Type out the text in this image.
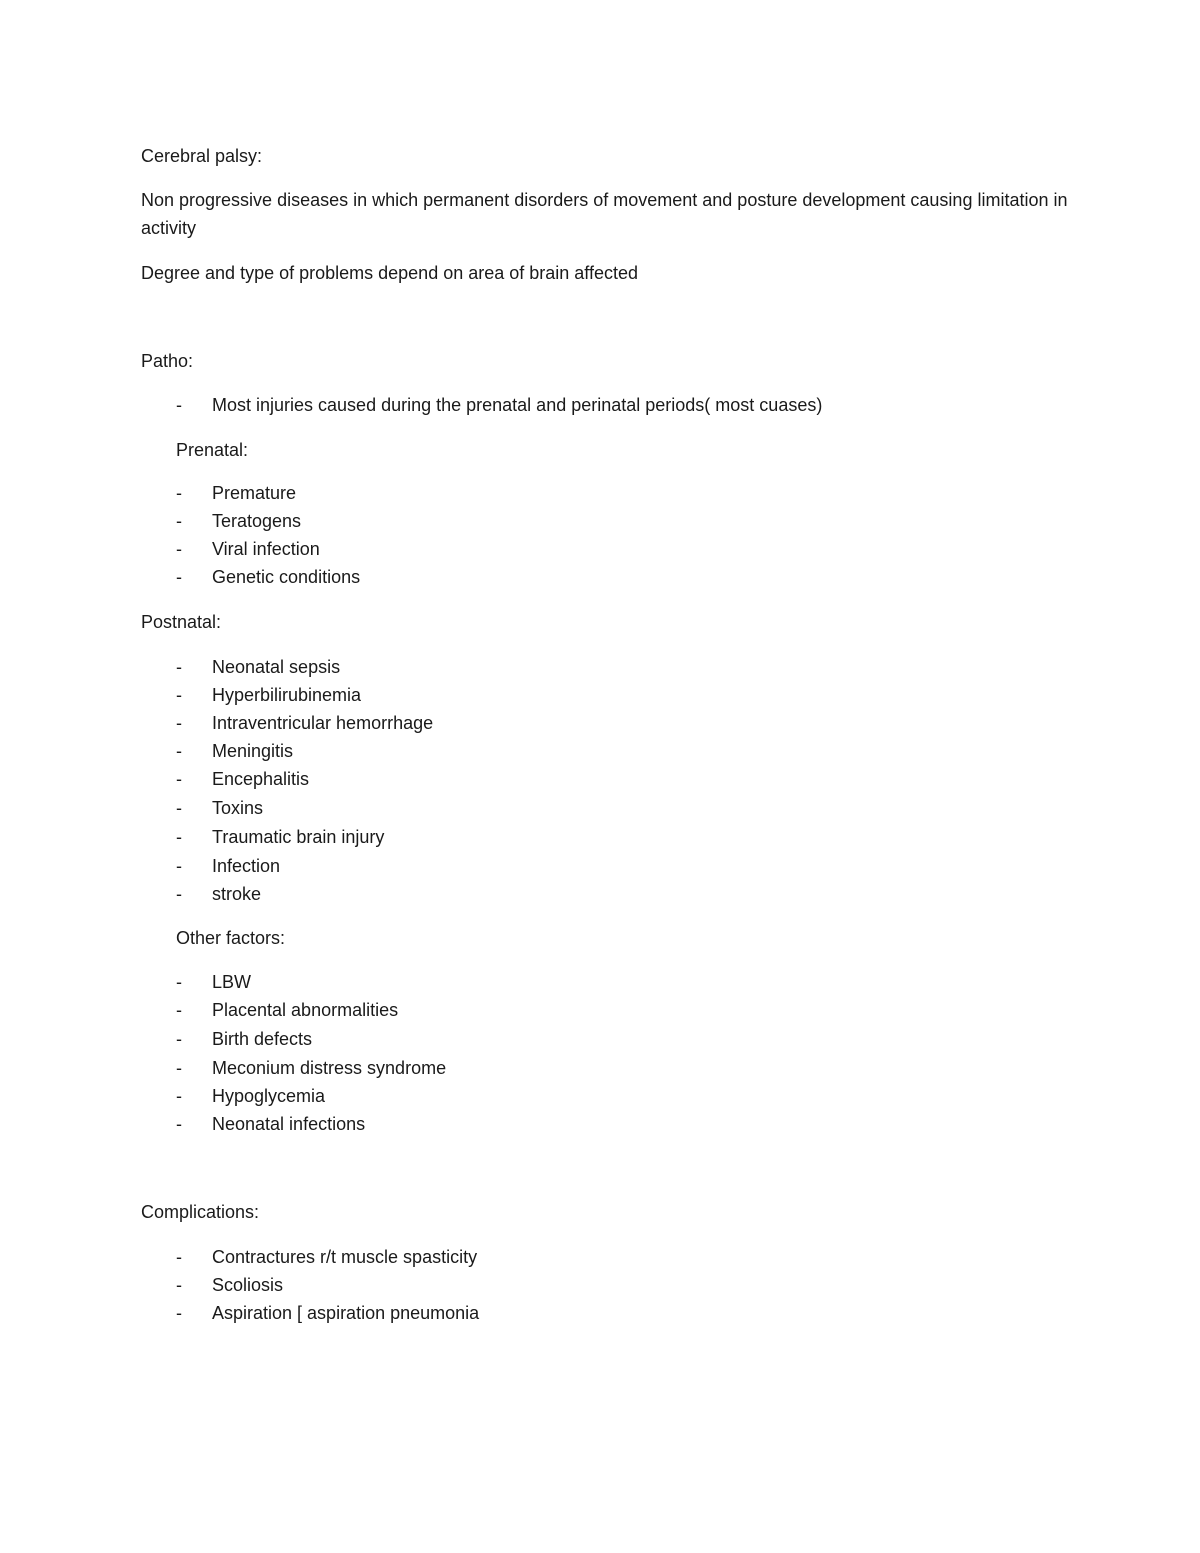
Cerebral palsy:
Non progressive diseases in which permanent disorders of movement and posture development causing limitation in activity
Degree and type of problems depend on area of brain affected
Patho:
- Most injuries caused during the prenatal and perinatal periods( most cuases)
Prenatal:
- Premature
- Teratogens
- Viral infection
- Genetic conditions
Postnatal:
- Neonatal sepsis
- Hyperbilirubinemia
- Intraventricular hemorrhage
- Meningitis
- Encephalitis
- Toxins
- Traumatic brain injury
- Infection
- stroke
Other factors:
- LBW
- Placental abnormalities
- Birth defects
- Meconium distress syndrome
- Hypoglycemia
- Neonatal infections
Complications:
- Contractures r/t muscle spasticity
- Scoliosis
- Aspiration [ aspiration pneumonia
